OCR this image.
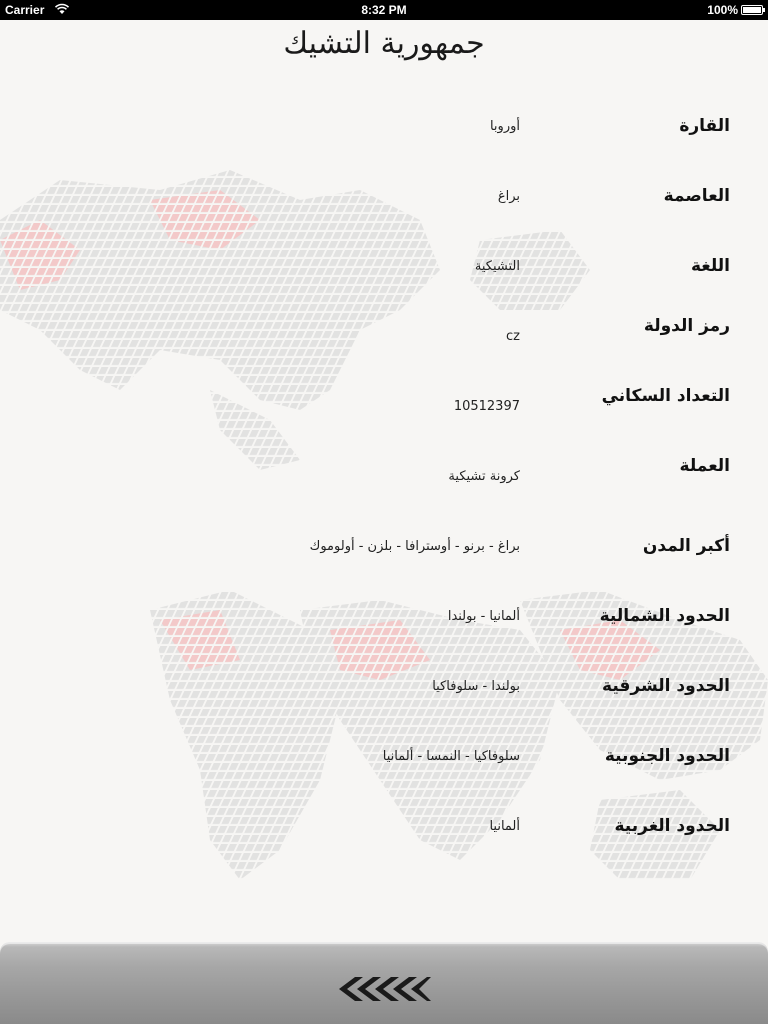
Carrier	8:32 PM	100%
جمهورية التشيك
القارة
أوروبا
العاصمة
براغ
اللغة
التشيكية
رمز الدولة
cz
التعداد السكاني
10512397
العملة
كرونة تشيكية
أكبر المدن
براغ - برنو - أوسترافا - بلزن - أولوموك
الحدود الشمالية
ألمانيا - بولندا
الحدود الشرقية
بولندا - سلوفاكيا
الحدود الجنوبية
سلوفاكيا - النمسا - ألمانيا
الحدود الغربية
ألمانيا
